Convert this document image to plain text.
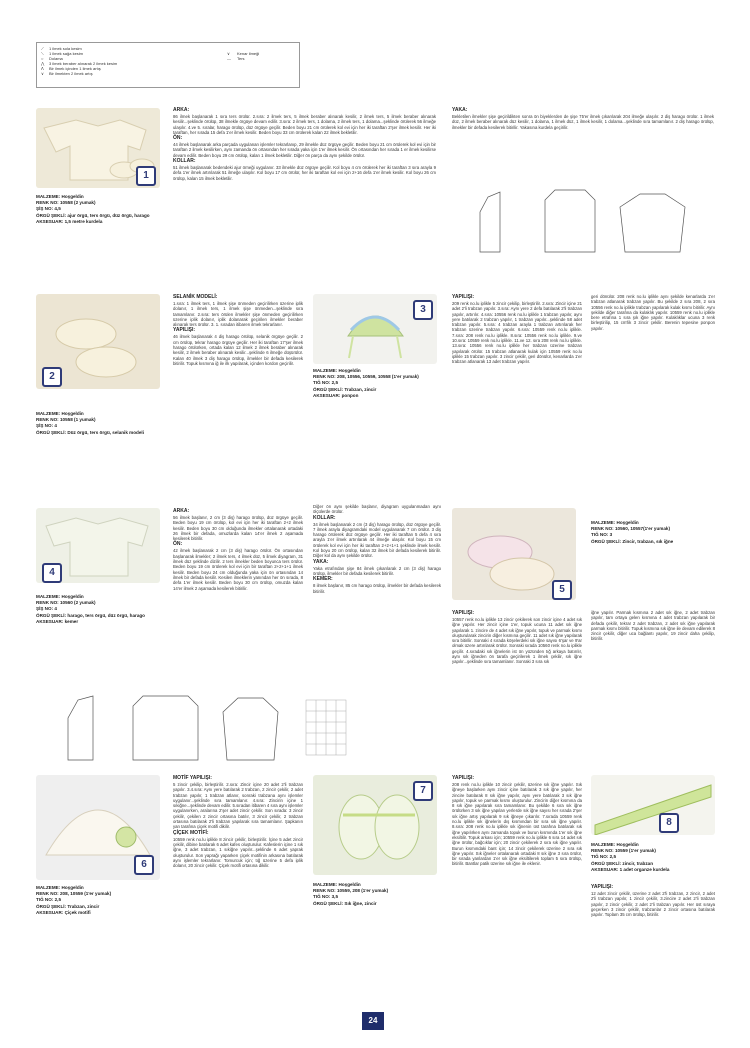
⟋ 1 ilmek sola kesim
⟍ 1 ilmek sağa kesim
○ Dolama
⋀ 3 ilmek beraber alınarak 2 ilmek kesim
ᐱ Bir ilmek içinden 1 ilmek artış
∨ Bir ilmekten 2 ilmek artış
∨ Kenar ilmeği
— Ters
1
MALZEME: Hoşgeldin
RENK NO: 10558 (2 yumak)
ŞİŞ NO: 4,5
ÖRGÜ ŞEKLİ: ajur örgü, ters örgü, düz örgü, harago
AKSESUAR: 1,5 metre kurdela
ARKA:

86 ilmek başlanarak 1 sıra ters örülür. 2.sıra: 2 ilmek ters, 5 ilmek beraber alınarak kesilir, 2 ilmek ters, 5 ilmek beraber alınarak kesilir...şeklinde örülüp, 38 ilmekle örgüye devam edilir. 3.sıra: 2 ilmek ters, 1 dolama, 2 ilmek ters, 1 dolama...şeklinde örülerek 56 ilmeğe ulaşılır. 4.ve 5. sıralar, harago örülüp, düz örgüye geçilir. Beden boyu 21 cm örülerek kol evi için her iki taraftan 2'şer ilmek kesilir. Her iki taraftan, her sırada 15 defa 1'er ilmek kesilir. Beden boyu 33 cm örülerek kalan 22 ilmek bekletilir.

ÖN:

44 ilmek başlanarak arka parçada uygulanan işlemler tekrarlanıp, 29 ilmekle düz örgüye geçilir. Beden boyu 21 cm örülerek kol evi için bir taraftan 2 ilmek kesilirken, aynı zamanda ön ortasından her sırada yaka için 1'er ilmek kesilir. Ön ortasından her sırada 1 er ilmek kesilirse devam edilir. Beden boyu 29 cm örülüp, kalan 1 ilmek bekletilir. Diğer ön parça da aynı şekilde örülür.

KOLLAR:

51 ilmek başlanarak bedendeki ajur örneği uygulanır. 33 ilmekle düz örgüye geçilir. Kol boyu 4 cm örülerek her iki taraftan 3 sıra arayla 9 defa 1'er ilmek artırılarak 51 ilmeğe ulaşılır. Kol boyu 17 cm örülür, her iki taraftan kol evi için 2+16 defa 1'er ilmek kesilir. Kol boyu 26 cm örülüp, kalan 15 ilmek bekletilir.

YAKA:

Bekletilen ilmekler şişe geçirildikten sonra ön biyeklerden de şişe 75'er ilmek çıkarılarak 204 ilmeğe ulaşılır. 2 diş harago örülür. 1 ilmek düz, 2 ilmek beraber alınarak düz kesilir, 1 dolama, 1 ilmek düz, 1 ilmek kesilir, 1 dolama...şeklinde sıra tamamlanır. 2 diş harago örülüp, ilmekler bir defada kesilerek bitirilir. Yakasına kurdela geçirilir.

2
MALZEME: Hoşgeldin
RENK NO: 10558 (1 yumak)
ŞİŞ NO: 4
ÖRGÜ ŞEKLİ: Düz örgü, ters örgü, selanik modeli
SELANİK MODELİ:

1.sıra: 1 ilmek ters, 1 ilmek şişe önmeden geçirilirken üzerine iplik dolanır, 1 ilmek ters, 1 ilmek şişe önmeden...şeklinde sıra tamamlanır. 2.sıra: ters örülen ilmekler şişe önmeden geçirilirken üzerine iplik dolanır, iplik dolanarak geçirilen ilmekler beraber alınarak ters örülür. 3. 1. sıradan itibaren ilmek tekrarlanır.

YAPILIŞI:

46 ilmek başlanarak 4 diş harago örülüp, selanik örgüye geçilir. 2 cm örülüp, tekrar harago örgüye geçilir. Her iki taraftan 17'şer ilmek harago örülürken, ortada kalan 12 ilmek 2 ilmek beraber alınarak kesilir, 2 ilmek beraber alınarak kesilir...şeklinde 6 ilmeğe düşürülür. Kalan 40 ilmek 3 diş harago örülüp, ilmekler bir defada kesilerek bitirilir. Topuk kısmına iğ ile ilk yapılarak, içinden kordon geçirilir.

3
MALZEME: Hoşgeldin
RENK NO: 208, 10556, 10559, 10558 (1'er yumak)
TIĞ NO: 2,5
ÖRGÜ ŞEKLİ: Trabzan, zincir
AKSESUAR: ponpon
YAPILIŞI:

209 renk no.lu iplikle 5 zincir çekilip, birleştirilir. 2.sıra: Zincir içine 21 adet 2'li trabzan yapılır. 3.sıra: Aynı yere 2 defa batılarak 2'li trabzan yapılır, artırılır. 4.sıra: 10556 renk no.lu iplikle 1 trabzan yapılır, aynı yere batılarak 2 trabzan yapılır, 1 trabzan yapılır...şeklinde 58 adet trabzan yapılır. 5.sıra: 4 trabzan arayla 1 trabzan artırılarak her trabzan üzerine trabzan yapılır. 6.sıra: 10559 renk no.lu iplikle. 7.sıra: 208 renk no.lu iplikle. 8.sıra: 10556 renk no.lu iplikle. 9.ve 10.sıra: 10559 renk no.lu iplikle. 11.ve 12. sıra 208 renk no.lu iplikle. 13.sıra: 10556 renk no.lu iplikle her trabzan üzerine trabzan yapılarak örülür. 15 trabzan atlanarak kulak için 10559 renk no.lu iplikle 15 trabzan yapılır. 3 zincir çekilir, geri dönülür, kenarlarda 1'er trabzan atlanarak 13 adet trabzan yapılır.

geri dönülür. 208 renk no.lu iplikle aynı şekilde kenarlarda 1'er trabzan atlanarak trabzan yapılır. Bu şekilde 2 sıra 208, 2 sıra 10556 renk no.lu iplikle trabzan yapılarak kulak kısmı bitirilir. Aynı şekilde diğer tarafına da kulaklık yapılır. 10559 renk no.lu iplikle bere etrafına 1 sıra şık iğne yapılır. Kulaklıklar ucuna 3 renk birleştirilip, 15 cm'lik 3 zincir çekilir. Berenin tepesine ponpon yapılır.

4
MALZEME: Hoşgeldin
RENK NO: 10560 (2 yumak)
ŞİŞ NO: 4
ÖRGÜ ŞEKLİ: harago, ters örgü, düz örgü, harago
AKSESUAR: kemer
ARKA:

56 ilmek başlanır, 2 cm (3 diş) harago örülüp, düz örgüye geçilir. Beden boyu 19 cm örülüp, kol evi için her iki taraftan 2+2 ilmek kesilir. Beden boyu 30 cm olduğunda ilmekler ortalanarak ortadaki 26 ilmek bir defada, omuzlarda kalan 14'er ilmek 2 aşamada kesilerek bitirilir.

ÖN:

42 ilmek başlanarak 2 cm (3 diş) harago örülür. Ön ortasından başlanarak ilmekler; 2 ilmek ters, 4 ilmek düz, 5 ilmek diyagram, 31 ilmek düz şeklinde dizilir. 2 ters ilmekler beden boyunca ters örülür. Beden boyu 19 cm örülerek kol evi için bir taraftan 2+2+1+1 ilmek kesilir. Beden boyu 24 cm olduğunda yaka için ön ortasından 14 ilmek bir defada kesilir. Kesilen ilmeklerin yanından her ön sırada, 8 defa 1'er ilmek kesilir. Beden boyu 30 cm örülüp, omuzda kalan 14'er ilmek 2 aşamada kesilerek bitirilir.

Diğer ön aynı şekilde başlanır, diyagram uygulanmadan aynı ölçülerde örülür.

KOLLAR:

34 ilmek başlanarak 2 cm (3 diş) harago örülüp, düz örgüye geçilir. 7 ilmek arayla diyagramdaki model uygulanarak 7 cm örülür. 3 diş harago örülerek düz örgüye geçilir. Her iki taraftan 5 defa 4 sıra arayla 1'er ilmek artırılarak 44 ilmeğe ulaşılır. Kol boyu 15 cm örülerek kol evi için her iki taraftan 2+2+1+1 şeklinde ilmek kesilir. Kol boyu 20 cm örülüp, kalan 32 ilmek bir defada kesilerek bitirilir. Diğer kol da aynı şekilde örülür.

YAKA:

Yaka etrafından şişe 84 ilmek çıkarılarak 2 cm (3 diş) harago örülüp, ilmekler bir defada kesilerek bitirilir.

KEMER:

8 ilmek başlanır, 85 cm harago örülüp, ilmekler bir defada kesilerek bitirilir.	5
MALZEME: Hoşgeldin
RENK NO: 10560, 10557(1'er yumak)
TIĞ NO: 3
ÖRGÜ ŞEKLİ: Zincir, trabzan, sık iğne
YAPILIŞI:

10557 renk no.lu iplikle 13 zincir çekilerek son zincir içine 4 adet sık iğne yapılır. Her zincir içine 1'er, topuk ucuna 11 adet sık iğne yapılarak 1. zincire de 4 adet sık iğne yapılır, topuk ve parmak kısmı oluşturularak zincirin diğer kısmına geçilir. 11 adet sık iğne yapılarak sıra bitirilir. Sonraki 4 sırada köşelerdeki sık iğne sayısı 6'şar ve 9'ar olmak üzere artırılarak örülür. Sonraki sırada 10560 renk no.lu iplikle geçilir. 4.sıradaki sık iğnelerin ist ön yüzünden tığ arkaya batırılır, aynı sık iğneden ön tarafa geçirilerek 1 ilmek çekilir, sık iğne yapılır...şeklinde sıra tamamlanır. Sonraki 3 sıra sık

iğne yapılır. Parmak kısmına 2 adet sık iğne, 2 adet trabzan yapılır, tam ortaya gelen kısmına 4 adet trabzan yapılarak bir defada çekilir, tekrar 2 adet trabzan, 2 adet sık iğne yapılarak parmak kısmı bitirilir. Topuk kısmına sık iğne ile devam edilerek 8 zincir çekilir, diğer uca bağlantı yapılır, 19 zincir daha çekilip, bitirilir.

6
MALZEME: Hoşgeldin
RENK NO: 208, 10559 (1'er yumak)
TIĞ NO: 2,5
ÖRGÜ ŞEKLİ: Trabzan, zincir
AKSESUAR: Çiçek motifi
MOTİF YAPILIŞI:

5 zincir çekilip, birleştirilir. 2.sıra: Zincir içine 20 adet 2'li trabzan yapılır. 3.4.sıra: Aynı yere batılarak 2 trabzan, 2 zincir çekilir, 2 adet trabzan yapılır, 1 trabzan atlanır, sonraki trabzana aynı işlemler uygulanır...şeklinde sıra tamamlanır. 4.sıra: Zincirin içine 1 sıkiğne...şeklinde devam edilir. 5.sıradan itibaren 4 sıra aynı işlemler uygulanırken, aralarına 2'şer adet zincir çekilir. Son sırada: 3 zincir çekilir, çekilen 2 zincir ortasına batılır, 3 zincir çekilir, 2 trabzan ortasına batılarak 2'li trabzan yapılarak sıra tamamlanır. Şapkanın yan tarafına çiçek motifi dikilir.

ÇİÇEK MOTİFİ:

10559 renk no.lu iplikle 8 zincir çekilir, birleştirilir. İçine 5 adet zincir çekilir, dibine batılarak 6 adet kafes oluşturulur. Kafeslerin içine 1 sık iğne, 3 adet trabzan, 1 sıkiğne yapılır...şeklinde 6 adet yaprak oluşturulur. Son yaprağı yaparken çiçek motifinin arkasına batılarak aynı işlemler tekrarlanır. Tomurcuk için; tığ üzerine 5 defa iplik dolanır, 20 zincir çekilir. Çiçek motifi ortasına dikilir.

7
MALZEME: Hoşgeldin
RENK NO: 10559, 208 (1'er yumak)
TIĞ NO: 3,5
ÖRGÜ ŞEKLİ: Sık iğne, zincir
YAPILIŞI:

208 renk no.lu iplikle 10 zincir çekilir, üzerine sık iğne yapılır. Sık iğneye başlarken aynı zincir içine batılarak 3 sık iğne yapılır, her zincire batılarak 8 sık iğne yapılır, aynı yere batılarak 3 sık iğne yapılır, topuk ve parmak kısmı oluşturulur. Zincirin diğer kısmına da 8 sık iğne yapılarak sıra tamamlanır. Bu şekilde 6 sıra sık iğne örülürken 3 sık iğne yapılan yerlerde sık iğne sayısı her sırada 2'şer sık iğne artış yapılarak 9 sık iğneye çıkarılır. 7.sırada 10559 renk no.lu iplikle sık iğnelerin dış kısmından bir sıra sık iğne yapılır. 8.sıra: 208 renk no.lu iplikle sık iğnenin üst tarafına batılarak sık iğne yapılırken aynı zamanda topuk ve burun kısmında 1'er sık iğne eksiltilir. Topuk arkası için; 10559 renk no.lu iplikle 6 sıra 14 adet sık iğne örülür, bağcıklar için; 20 zincir çekilerek 2 sıra sık iğne yapılır. Burun kısmındaki bant için; 14 zincir çekilerek üzerine 2 sıra sık iğne yapılır. Sık iğneler ortalanarak ortadaki 8 sık iğne 3 sıra örülür, bir sırada yanlardan 1'er sık iğne eksiltilerek toplam 5 sıra örülüp, bitirilir. Bantlar patik üzerine sık iğne ile eklenir.

8
MALZEME: Hoşgeldin
RENK NO: 10559 (1'er yumak)
TIĞ NO: 2,5
ÖRGÜ ŞEKLİ: zincir, trabzan
AKSESUAR: 1 adet organze kurdela
YAPILIŞI:

12 adet zincir çekilir, üzerine 2 adet 2'li trabzan, 2 zincir, 2 adet 2'li trabzan yapılır, 1 zincir çekilir, 3.zincire 2 adet 2'li trabzan yapılır, 2 zincir çekilir, 2 adet 2'li trabzan yapılır. Her üst sıraya geçerken 3 zincir çekilir, trabzanlar 2 zincir ortasına batılarak yapılır. Toplam 35 cm örülüp, bitirilir.

24
